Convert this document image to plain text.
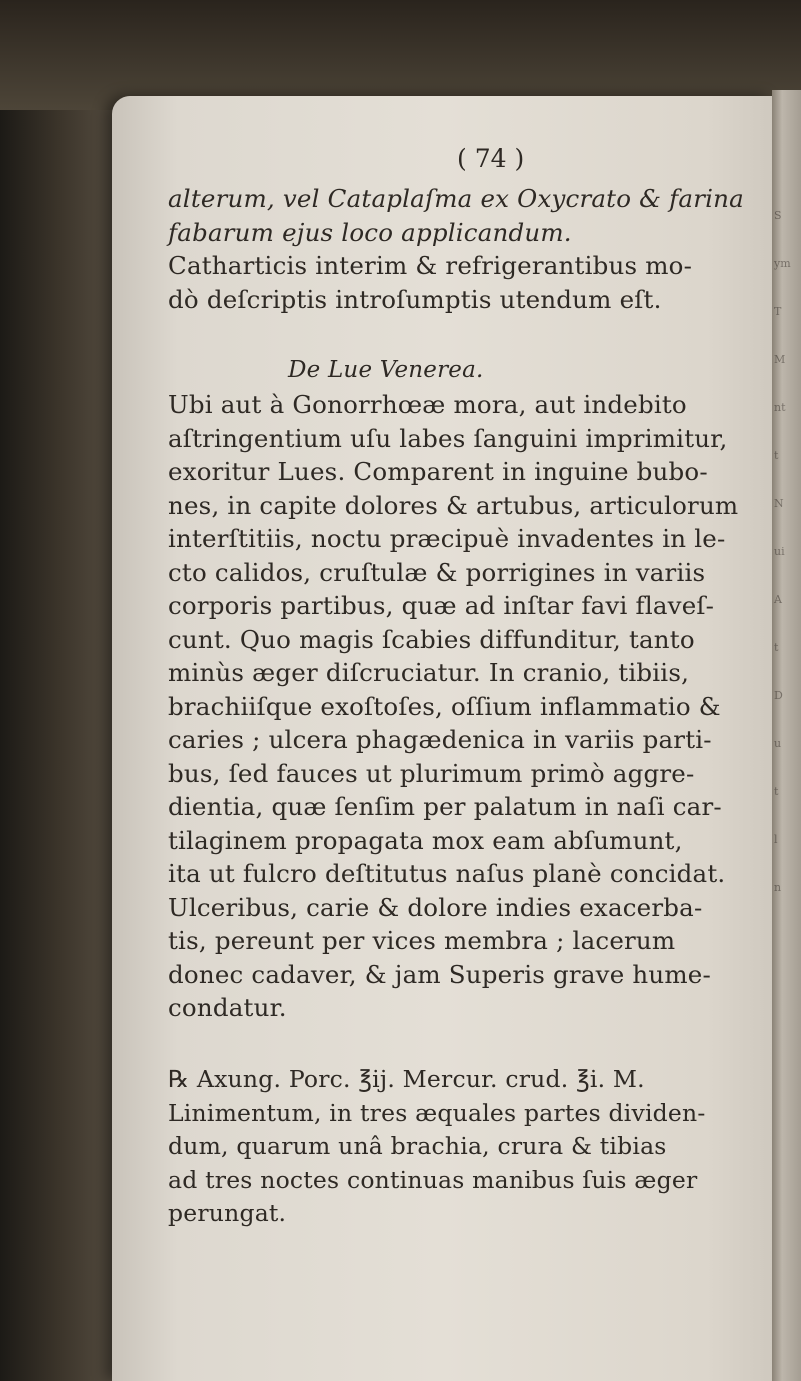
( 74 )
alterum, vel Cataplaſma ex Oxycrato & farina
fabarum ejus loco applicandum.
Catharticis interim & refrigerantibus mo-
dò deſcriptis introſumptis utendum eſt.
De Lue Venerea.
Ubi aut à Gonorrhœæ mora, aut indebito
aſtringentium uſu labes ſanguini imprimitur,
exoritur Lues. Comparent in inguine bubo-
nes, in capite dolores & artubus, articulorum
interſtitiis, noctu præcipuè invadentes in le-
cto calidos, cruſtulæ & porrigines in variis
corporis partibus, quæ ad inſtar favi flaveſ-
cunt. Quo magis ſcabies diffunditur, tanto
minùs æger diſcruciatur. In cranio, tibiis,
brachiiſque exoſtoſes, oſſium inflammatio &
caries ; ulcera phagædenica in variis parti-
bus, ſed fauces ut plurimum primò aggre-
dientia, quæ ſenſim per palatum in naſi car-
tilaginem propagata mox eam abſumunt,
ita ut fulcro deſtitutus naſus planè concidat.
Ulceribus, carie & dolore indies exacerba-
tis, pereunt per vices membra ; lacerum
donec cadaver, & jam Superis grave hume-
condatur.
℞ Axung. Porc. ℥ij. Mercur. crud. ℥i. M.
Linimentum, in tres æquales partes dividen-
dum, quarum unâ brachia, crura & tibias
ad tres noctes continuas manibus ſuis æger
perungat.
S
ym
T
M
nt
t
N
ui
A
t
D
u
t
l
n
